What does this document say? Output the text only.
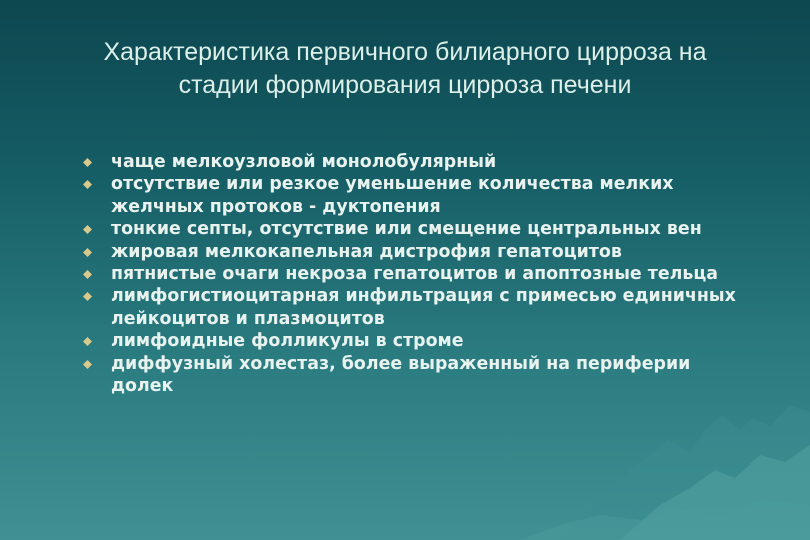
Характеристика первичного билиарного цирроза на
стадии формирования цирроза печени
чаще мелкоузловой монолобулярный
отсутствие или резкое уменьшение количества мелких желчных протоков - дуктопения
тонкие септы, отсутствие или смещение центральных вен
жировая мелкокапельная дистрофия гепатоцитов
пятнистые очаги некроза гепатоцитов и апоптозные тельца
лимфогистиоцитарная инфильтрация с примесью единичных лейкоцитов и плазмоцитов
лимфоидные фолликулы в строме
диффузный холестаз, более выраженный на периферии долек
